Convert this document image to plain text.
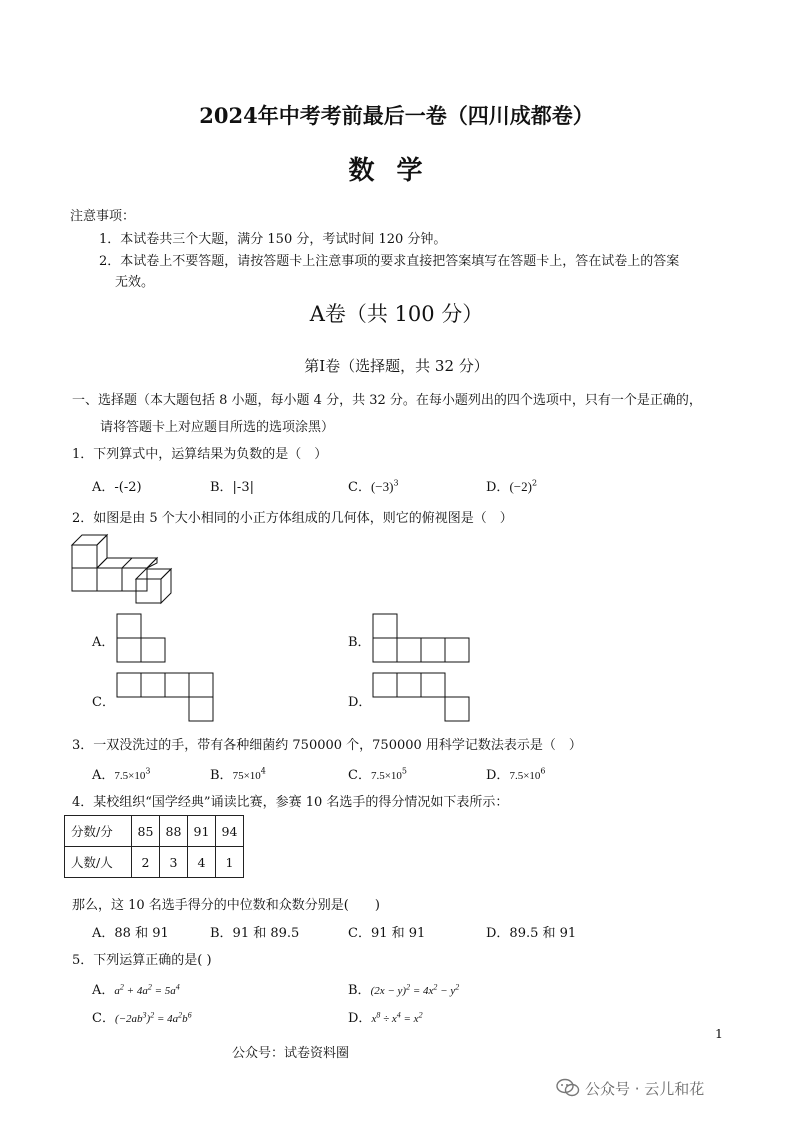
2024年中考考前最后一卷（四川成都卷）
数学
注意事项：
1．本试卷共三个大题，满分 150 分，考试时间 120 分钟。
2．本试卷上不要答题，请按答题卡上注意事项的要求直接把答案填写在答题卡上，答在试卷上的答案
无效。
A卷（共 100 分）
第Ⅰ卷（选择题，共 32 分）
一、选择题（本大题包括 8 小题，每小题 4 分，共 32 分。在每小题列出的四个选项中，只有一个是正确的，
请将答题卡上对应题目所选的选项涂黑）
1．下列算式中，运算结果为负数的是（　）
A．-(-2)	B．|-3|	C．$(-3)^3$	D．$(-2)^2$
2．如图是由 5 个大小相同的小正方体组成的几何体，则它的俯视图是（　）
A．	B．
C．	D．
3．一双没洗过的手，带有各种细菌约 750000 个，750000 用科学记数法表示是（　）
A．$7.5\times 10^3$	B．$75\times 10^4$	C．$7.5\times 10^5$	D．$7.5\times 10^6$
4．某校组织“国学经典”诵读比赛，参赛 10 名选手的得分情况如下表所示：
分数/分	85	88	91	94
人数/人	2	3	4	1
那么，这 10 名选手得分的中位数和众数分别是(　　)
A．88 和 91	B．91 和 89.5	C．91 和 91	D．89.5 和 91
5．下列运算正确的是( )
A．$a^2 + 4a^2 = 5a^4$	B．$(2x - y)^2 = 4x^2 - y^2$
C．$(-2ab^3)^2 = 4a^2b^6$	D．$x^8 \div x^4 = x^2$
1
公众号：试卷资料圈
公众号 · 云儿和花
